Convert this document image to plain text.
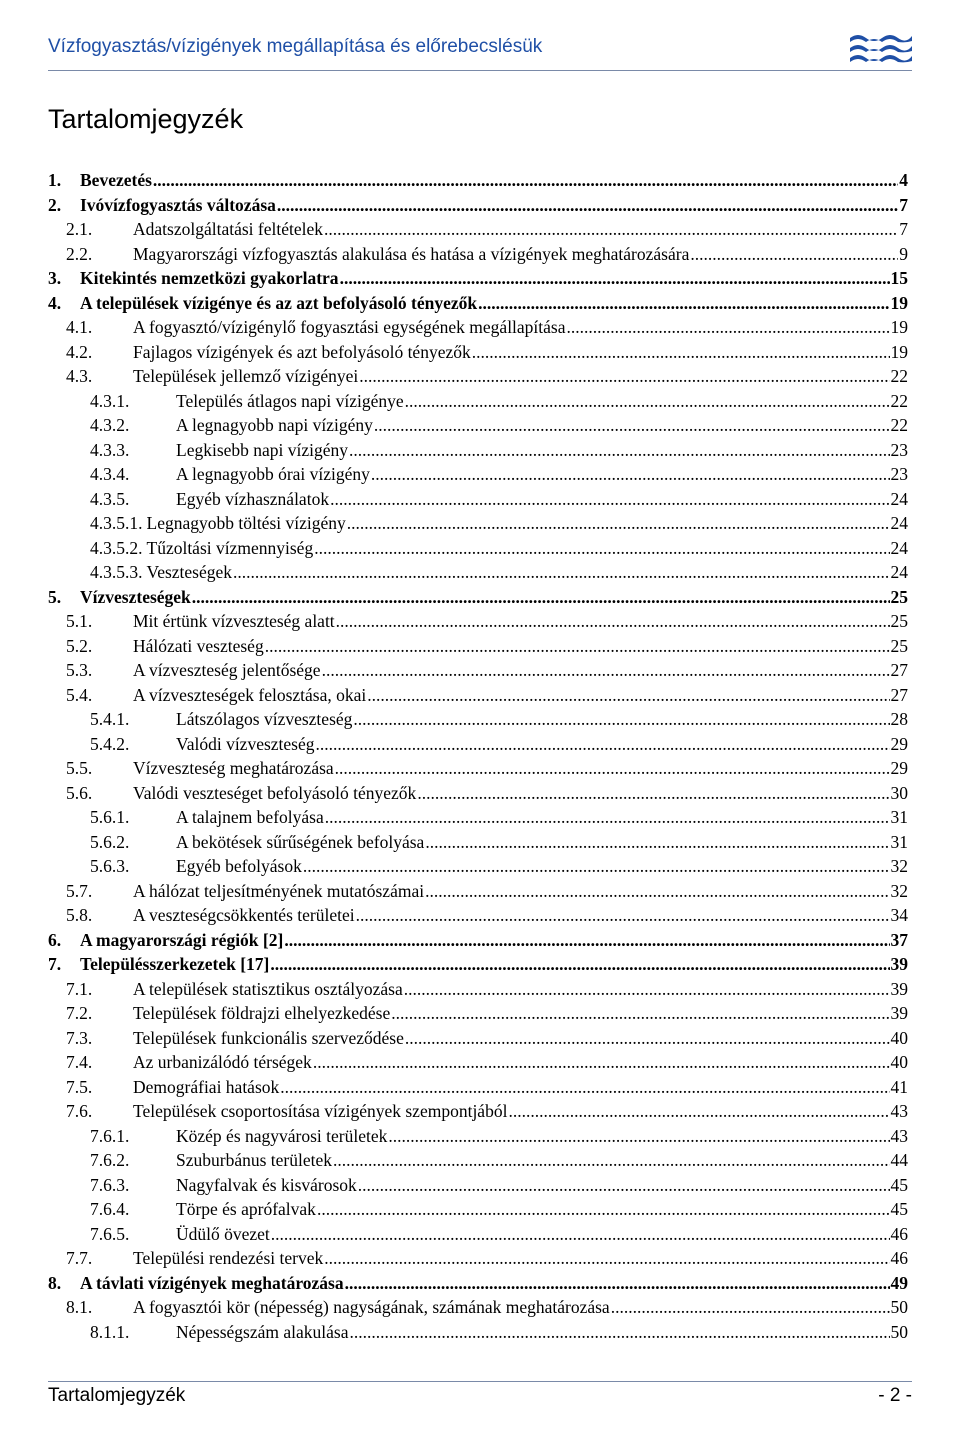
Vízfogyasztás/vízigények megállapítása és előrebecslésük
Tartalomjegyzék
1.	Bevezetés .....	4
2.	Ivóvízfogyasztás változása .....	7
2.1.	Adatszolgáltatási feltételek .....	7
2.2.	Magyarországi vízfogyasztás alakulása és hatása a vízigények meghatározására .....	9
3.	Kitekintés nemzetközi gyakorlatra .....	15
4.	A települések vízigénye és az azt befolyásoló tényezők .....	19
4.1.	A fogyasztó/vízigénylő fogyasztási egységének megállapítása .....	19
4.2.	Fajlagos vízigények és azt befolyásoló tényezők .....	19
4.3.	Települések jellemző vízigényei .....	22
4.3.1.	Település átlagos napi vízigénye .....	22
4.3.2.	A legnagyobb napi vízigény .....	22
4.3.3.	Legkisebb napi vízigény .....	23
4.3.4.	A legnagyobb órai vízigény .....	23
4.3.5.	Egyéb vízhasználatok .....	24
4.3.5.1. Legnagyobb töltési vízigény .....	24
4.3.5.2. Tűzoltási vízmennyiség .....	24
4.3.5.3. Veszteségek .....	24
5.	Vízveszteségek .....	25
5.1.	Mit értünk vízveszteség alatt .....	25
5.2.	Hálózati veszteség .....	25
5.3.	A vízveszteség jelentősége .....	27
5.4.	A vízveszteségek felosztása, okai .....	27
5.4.1.	Látszólagos vízveszteség .....	28
5.4.2.	Valódi vízveszteség .....	29
5.5.	Vízveszteség meghatározása .....	29
5.6.	Valódi veszteséget befolyásoló tényezők .....	30
5.6.1.	A talajnem befolyása .....	31
5.6.2.	A bekötések sűrűségének befolyása .....	31
5.6.3.	Egyéb befolyások .....	32
5.7.	A hálózat teljesítményének mutatószámai .....	32
5.8.	A veszteségcsökkentés területei .....	34
6.	A magyarországi régiók [2] .....	37
7.	Településszerkezetek [17] .....	39
7.1.	A települések statisztikus osztályozása .....	39
7.2.	Települések földrajzi elhelyezkedése .....	39
7.3.	Települések funkcionális szerveződése .....	40
7.4.	Az urbanizálódó térségek .....	40
7.5.	Demográfiai hatások .....	41
7.6.	Települések csoportosítása vízigények szempontjából .....	43
7.6.1.	Közép és nagyvárosi területek .....	43
7.6.2.	Szuburbánus területek .....	44
7.6.3.	Nagyfalvak és kisvárosok .....	45
7.6.4.	Törpe és aprófalvak .....	45
7.6.5.	Üdülő övezet .....	46
7.7.	Települési rendezési tervek .....	46
8.	A távlati vízigények meghatározása .....	49
8.1.	A fogyasztói kör (népesség) nagyságának, számának meghatározása .....	50
8.1.1.	Népességszám alakulása .....	50
Tartalomjegyzék	- 2 -
